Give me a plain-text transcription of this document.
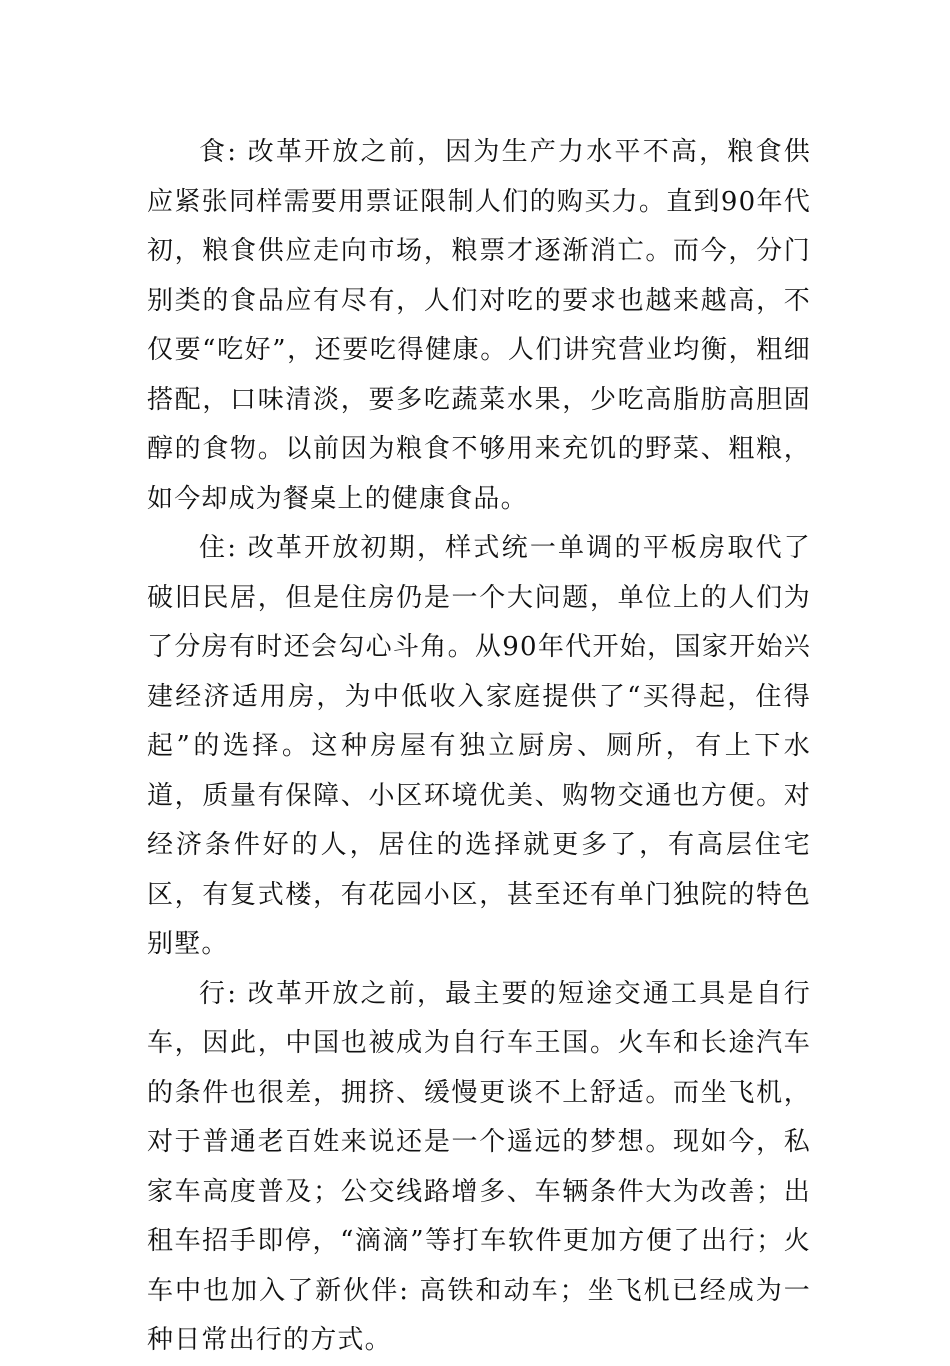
食: 改革开放之前，因为生产力水平不高，粮食供应紧张同样需要用票证限制人们的购买力。直到90年代初，粮食供应走向市场，粮票才逐渐消亡。而今，分门别类的食品应有尽有，人们对吃的要求也越来越高，不仅要“吃好”，还要吃得健康。人们讲究营业均衡，粗细搭配，口味清淡，要多吃蔬菜水果，少吃高脂肪高胆固醇的食物。以前因为粮食不够用来充饥的野菜、粗粮，如今却成为餐桌上的健康食品。

住: 改革开放初期，样式统一单调的平板房取代了破旧民居，但是住房仍是一个大问题，单位上的人们为了分房有时还会勾心斗角。从90年代开始，国家开始兴建经济适用房，为中低收入家庭提供了“买得起，住得起”的选择。这种房屋有独立厨房、厕所，有上下水道，质量有保障、小区环境优美、购物交通也方便。对经济条件好的人，居住的选择就更多了，有高层住宅区，有复式楼，有花园小区，甚至还有单门独院的特色别墅。

行: 改革开放之前，最主要的短途交通工具是自行车，因此，中国也被成为自行车王国。火车和长途汽车的条件也很差，拥挤、缓慢更谈不上舒适。而坐飞机，对于普通老百姓来说还是一个遥远的梦想。现如今，私家车高度普及；公交线路增多、车辆条件大为改善；出租车招手即停，“滴滴”等打车软件更加方便了出行；火车中也加入了新伙伴: 高铁和动车；坐飞机已经成为一种日常出行的方式。
